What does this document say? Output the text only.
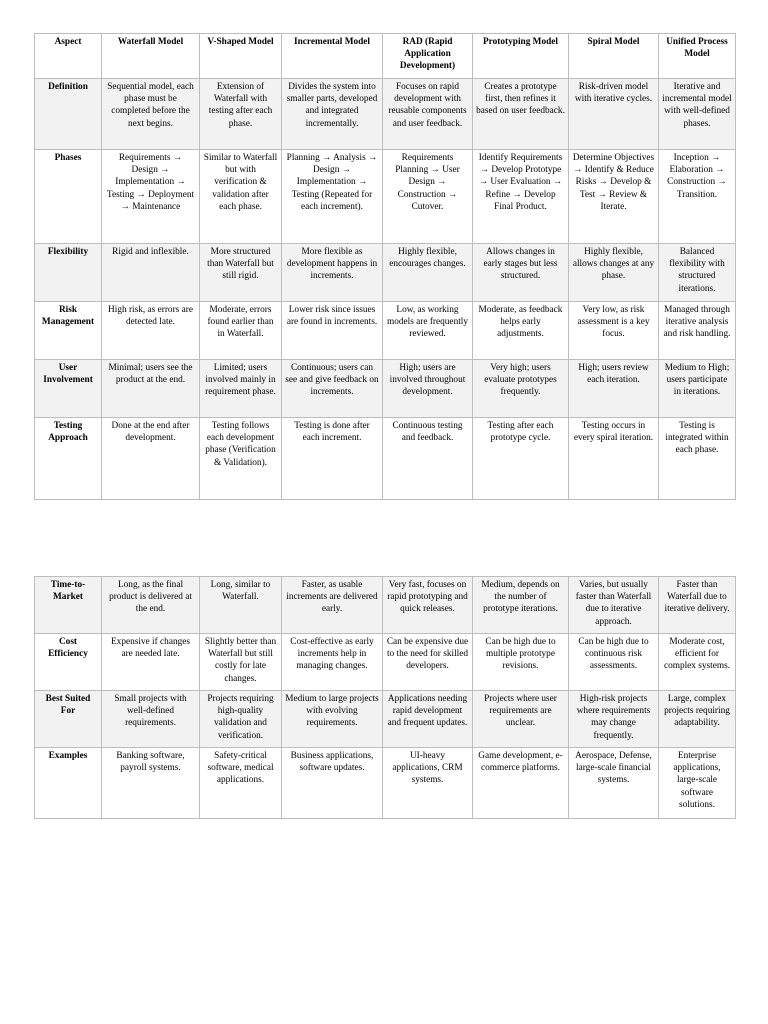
Aspect	Waterfall Model	V-Shaped Model	Incremental Model	RAD (Rapid Application Development)	Prototyping Model	Spiral Model	Unified Process Model
Definition	Sequential model, each phase must be completed before the next begins.	Extension of Waterfall with testing after each phase.	Divides the system into smaller parts, developed and integrated incrementally.	Focuses on rapid development with reusable components and user feedback.	Creates a prototype first, then refines it based on user feedback.	Risk-driven model with iterative cycles.	Iterative and incremental model with well-defined phases.
Phases	Requirements → Design → Implementation → Testing → Deployment → Maintenance	Similar to Waterfall but with verification & validation after each phase.	Planning → Analysis → Design → Implementation → Testing (Repeated for each increment).	Requirements Planning → User Design → Construction → Cutover.	Identify Requirements → Develop Prototype → User Evaluation → Refine → Develop Final Product.	Determine Objectives → Identify & Reduce Risks → Develop & Test → Review & Iterate.	Inception → Elaboration → Construction → Transition.
Flexibility	Rigid and inflexible.	More structured than Waterfall but still rigid.	More flexible as development happens in increments.	Highly flexible, encourages changes.	Allows changes in early stages but less structured.	Highly flexible, allows changes at any phase.	Balanced flexibility with structured iterations.
Risk Management	High risk, as errors are detected late.	Moderate, errors found earlier than in Waterfall.	Lower risk since issues are found in increments.	Low, as working models are frequently reviewed.	Moderate, as feedback helps early adjustments.	Very low, as risk assessment is a key focus.	Managed through iterative analysis and risk handling.
User Involvement	Minimal; users see the product at the end.	Limited; users involved mainly in requirement phase.	Continuous; users can see and give feedback on increments.	High; users are involved throughout development.	Very high; users evaluate prototypes frequently.	High; users review each iteration.	Medium to High; users participate in iterations.
Testing Approach	Done at the end after development.	Testing follows each development phase (Verification & Validation).	Testing is done after each increment.	Continuous testing and feedback.	Testing after each prototype cycle.	Testing occurs in every spiral iteration.	Testing is integrated within each phase.
Time-to-Market	Long, as the final product is delivered at the end.	Long, similar to Waterfall.	Faster, as usable increments are delivered early.	Very fast, focuses on rapid prototyping and quick releases.	Medium, depends on the number of prototype iterations.	Varies, but usually faster than Waterfall due to iterative approach.	Faster than Waterfall due to iterative delivery.
Cost Efficiency	Expensive if changes are needed late.	Slightly better than Waterfall but still costly for late changes.	Cost-effective as early increments help in managing changes.	Can be expensive due to the need for skilled developers.	Can be high due to multiple prototype revisions.	Can be high due to continuous risk assessments.	Moderate cost, efficient for complex systems.
Best Suited For	Small projects with well-defined requirements.	Projects requiring high-quality validation and verification.	Medium to large projects with evolving requirements.	Applications needing rapid development and frequent updates.	Projects where user requirements are unclear.	High-risk projects where requirements may change frequently.	Large, complex projects requiring adaptability.
Examples	Banking software, payroll systems.	Safety-critical software, medical applications.	Business applications, software updates.	UI-heavy applications, CRM systems.	Game development, e-commerce platforms.	Aerospace, Defense, large-scale financial systems.	Enterprise applications, large-scale software solutions.
